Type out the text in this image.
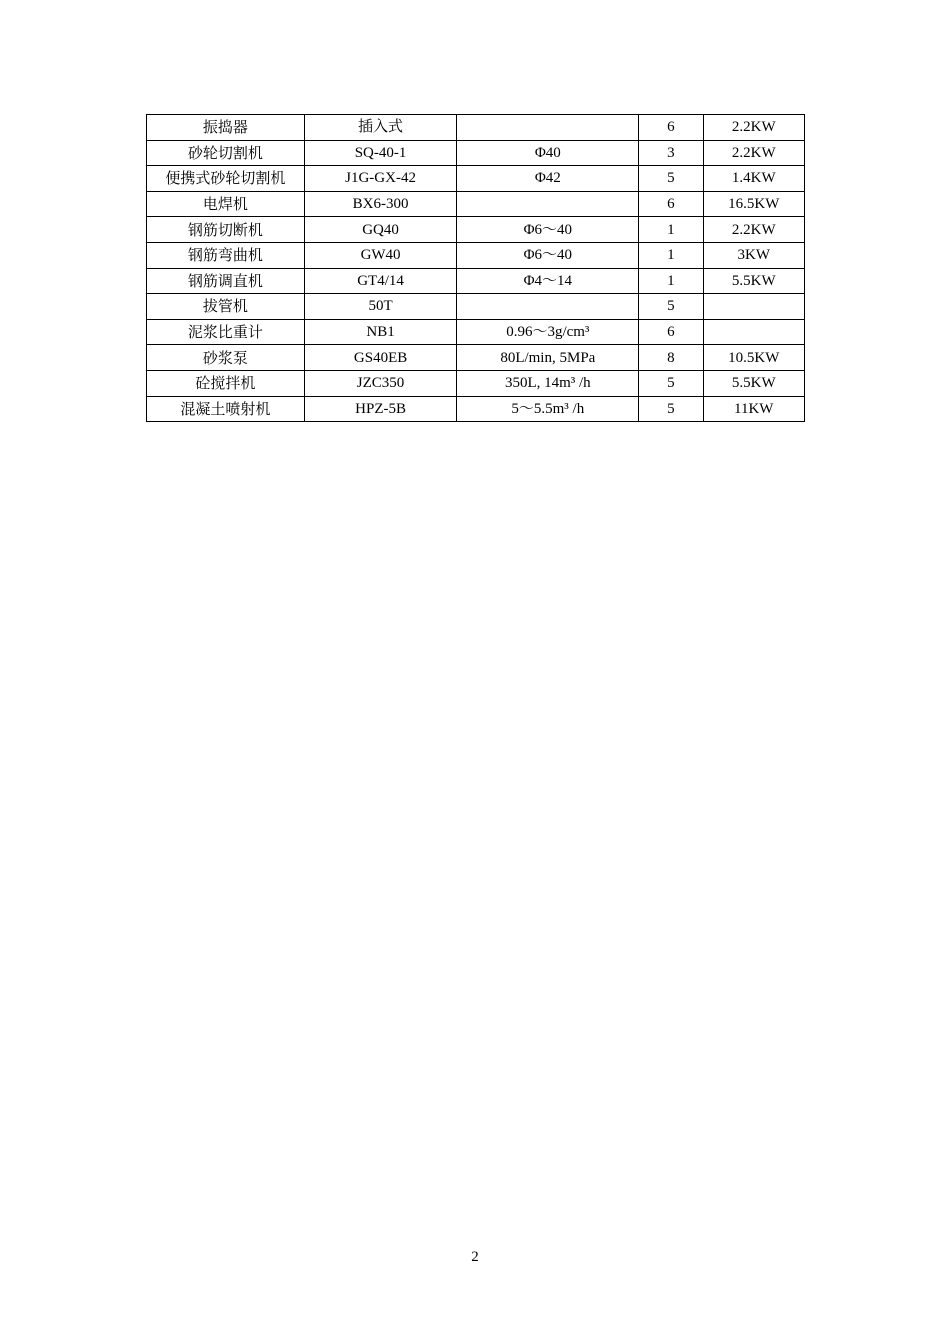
振捣器	插入式		6	2.2KW
砂轮切割机	SQ-40-1	Φ40	3	2.2KW
便携式砂轮切割机	J1G-GX-42	Φ42	5	1.4KW
电焊机	BX6-300		6	16.5KW
钢筋切断机	GQ40	Φ6～40	1	2.2KW
钢筋弯曲机	GW40	Φ6～40	1	3KW
钢筋调直机	GT4/14	Φ4～14	1	5.5KW
拔管机	50T		5	
泥浆比重计	NB1	0.96～3g/cm³	6	
砂浆泵	GS40EB	80L/min, 5MPa	8	10.5KW
砼搅拌机	JZC350	350L, 14m³ /h	5	5.5KW
混凝土喷射机	HPZ-5B	5～5.5m³ /h	5	11KW
2
